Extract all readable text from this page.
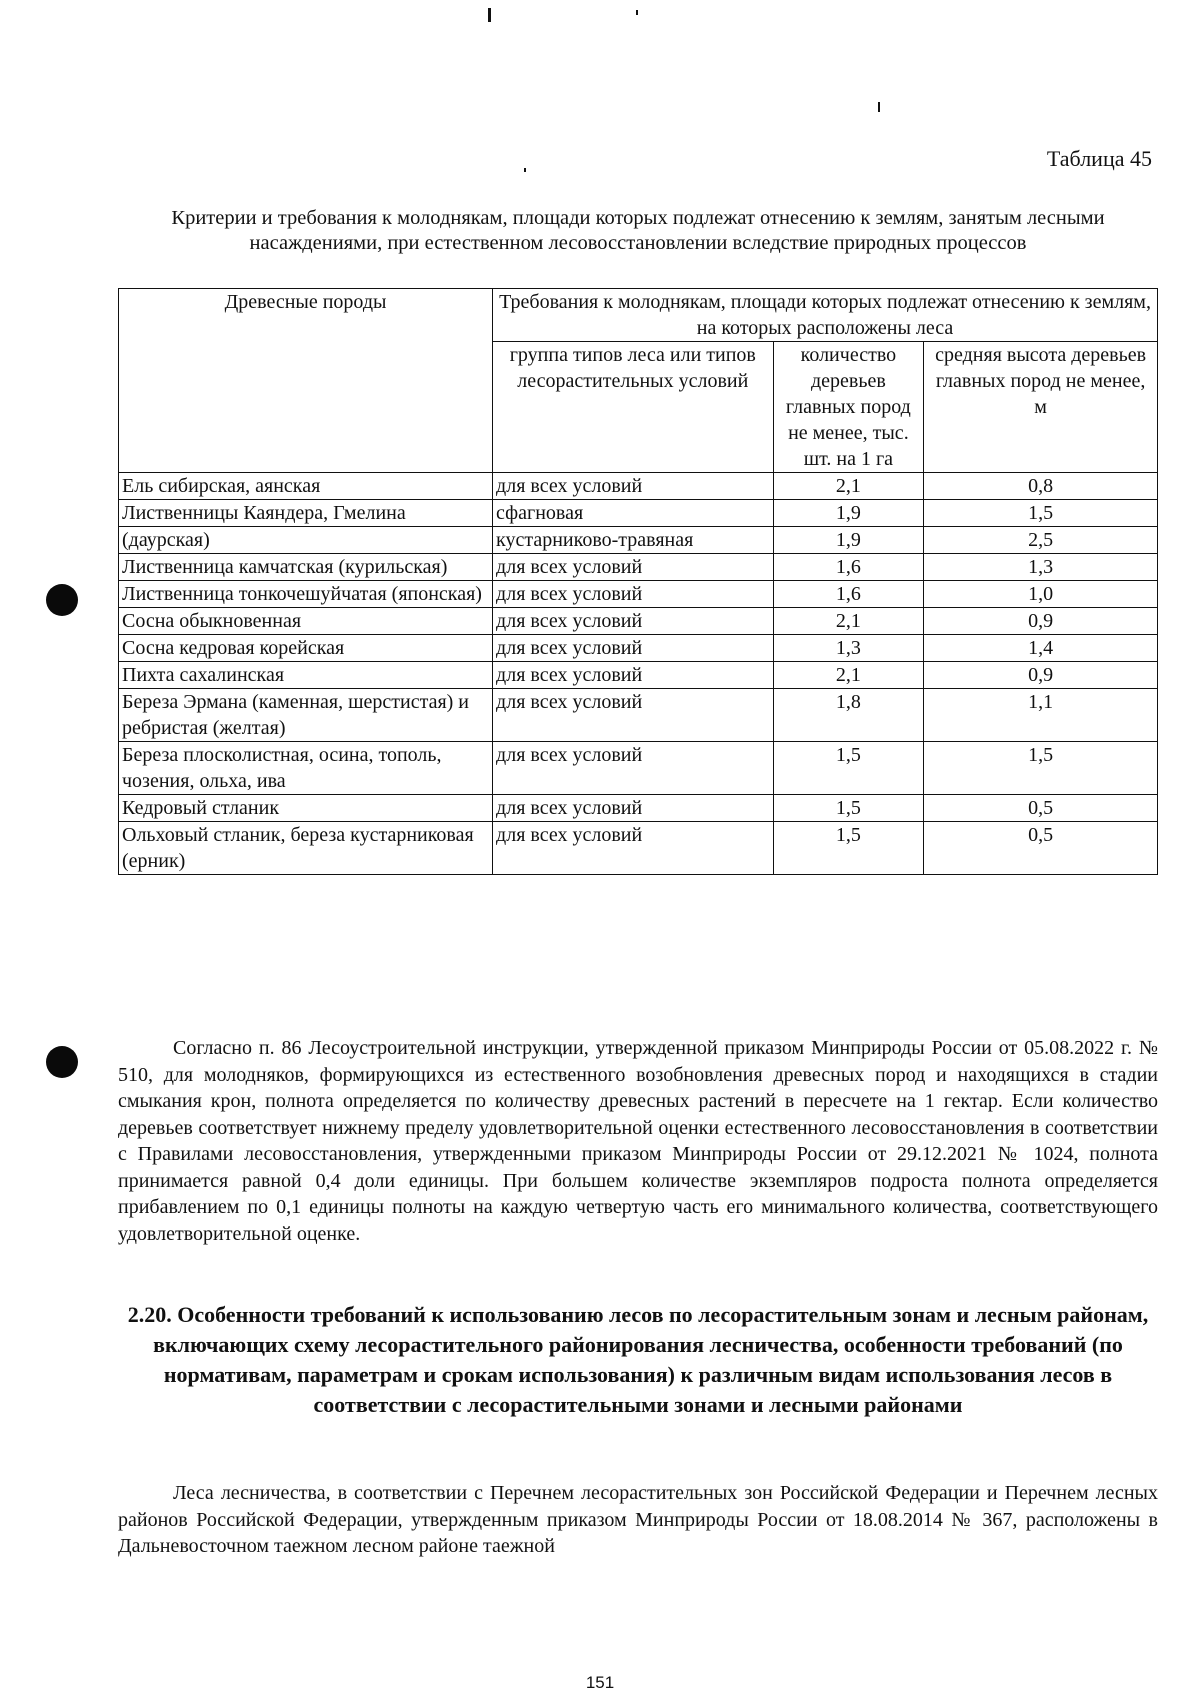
Таблица 45
Критерии и требования к молоднякам, площади которых подлежат отнесению к землям, занятым лесными насаждениями, при естественном лесовосстановлении вследствие природных процессов
Древесные породы	Требования к молоднякам, площади которых подлежат отнесению к землям, на которых расположены леса		
	группа типов леса или типов лесорастительных условий	количество деревьев главных пород не менее, тыс. шт. на 1 га	средняя высота деревьев главных пород не менее, м
Ель сибирская, аянская	для всех условий	2,1	0,8
Лиственницы Каяндера, Гмелина	сфагновая	1,9	1,5
(даурская)	кустарниково-травяная	1,9	2,5
Лиственница камчатская (курильская)	для всех условий	1,6	1,3
Лиственница тонкочешуйчатая (японская)	для всех условий	1,6	1,0
Сосна обыкновенная	для всех условий	2,1	0,9
Сосна кедровая корейская	для всех условий	1,3	1,4
Пихта сахалинская	для всех условий	2,1	0,9
Береза Эрмана (каменная, шерстистая) и ребристая (желтая)	для всех условий	1,8	1,1
Береза плосколистная, осина, тополь, чозения, ольха, ива	для всех условий	1,5	1,5
Кедровый стланик	для всех условий	1,5	0,5
Ольховый стланик, береза кустарниковая (ерник)	для всех условий	1,5	0,5

Согласно п. 86 Лесоустроительной инструкции, утвержденной приказом Минприроды России от 05.08.2022 г. № 510, для молодняков, формирующихся из естественного возобновления древесных пород и находящихся в стадии смыкания крон, полнота определяется по количеству древесных растений в пересчете на 1 гектар. Если количество деревьев соответствует нижнему пределу удовлетворительной оценки естественного лесовосстановления в соответствии с Правилами лесовосстановления, утвержденными приказом Минприроды России от 29.12.2021 № 1024, полнота принимается равной 0,4 доли единицы. При большем количестве экземпляров подроста полнота определяется прибавлением по 0,1 единицы полноты на каждую четвертую часть его минимального количества, соответствующего удовлетворительной оценке.

2.20. Особенности требований к использованию лесов по лесорастительным зонам и лесным районам, включающих схему лесорастительного районирования лесничества, особенности требований (по нормативам, параметрам и срокам использования) к различным видам использования лесов в соответствии с лесорастительными зонами и лесными районами

Леса лесничества, в соответствии с Перечнем лесорастительных зон Российской Федерации и Перечнем лесных районов Российской Федерации, утвержденным приказом Минприроды России от 18.08.2014 № 367, расположены в Дальневосточном таежном лесном районе таежной

151
